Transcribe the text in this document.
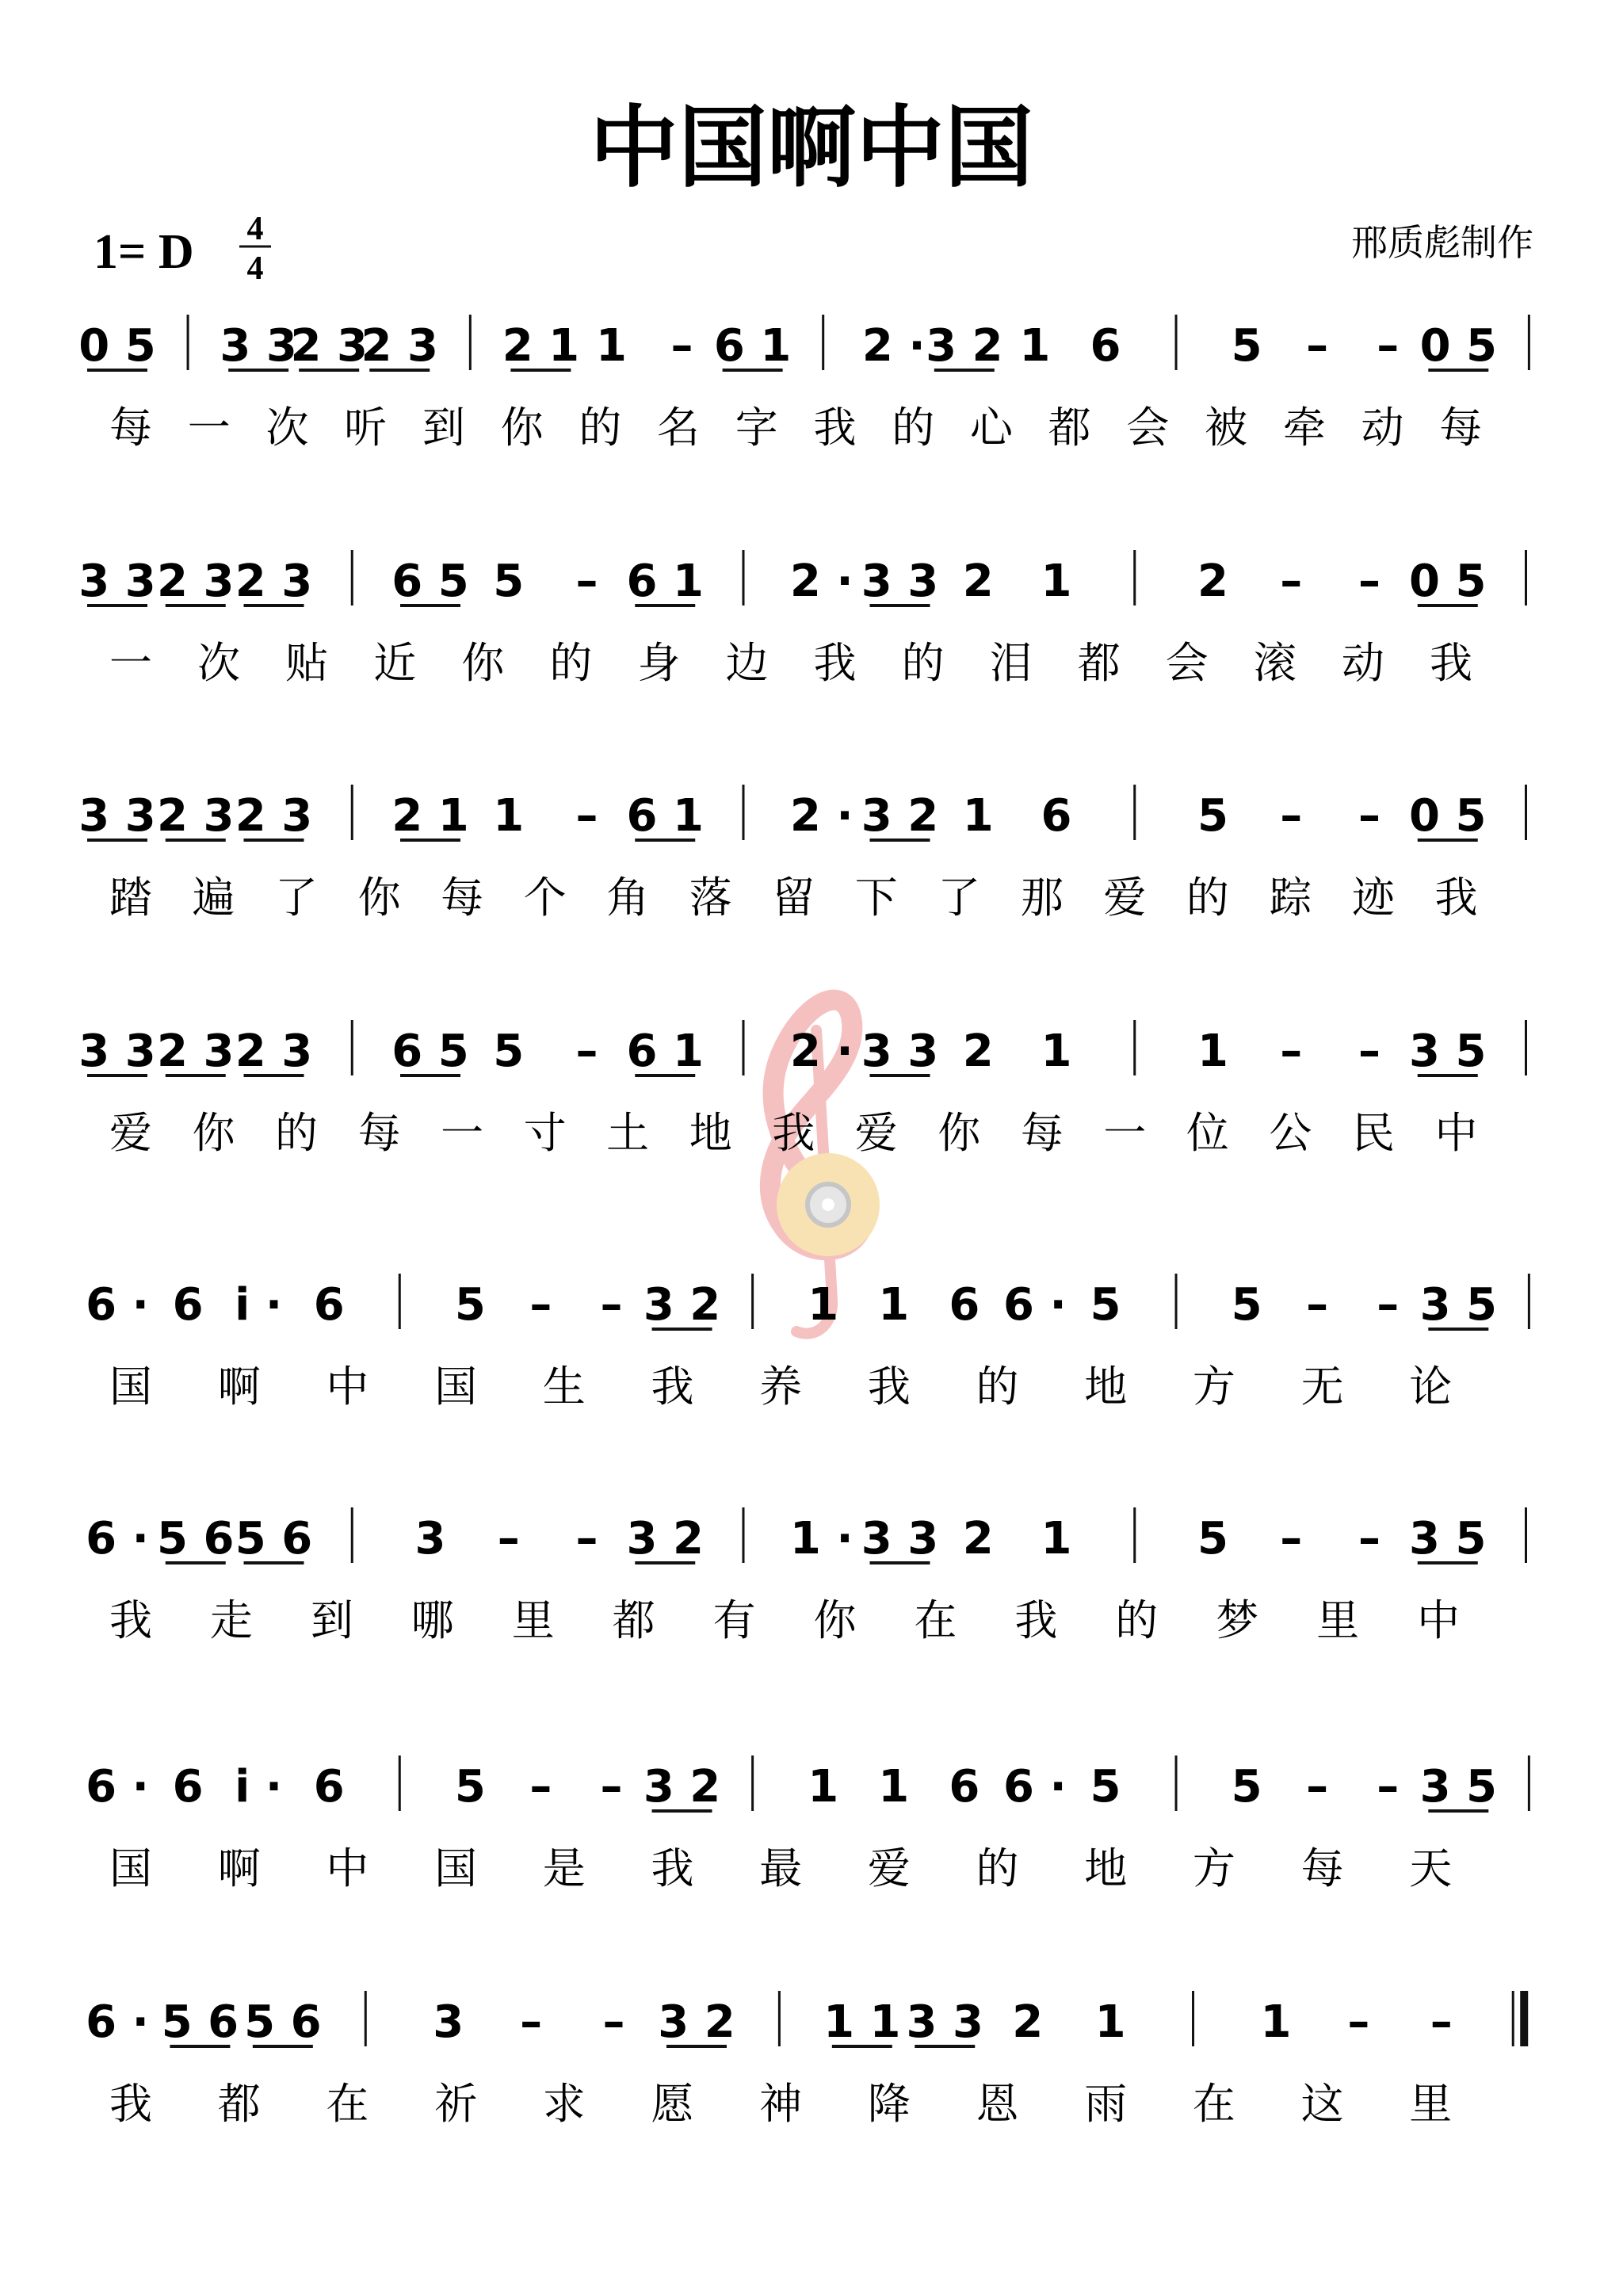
中国啊中国
1= D 4
4
邢质彪制作
0 5 3 3
2 3
2 3 2 1 1 – 6 1 2 · 3 2 1 6 5 – – 0 5
每 一 次 听 到 你 的 名 字 我 的 心 都 会 被 牵 动 每
3 3 2 3 2 3 6 5 5 – 6 1 2 · 3 3 2 1	2 – – 0 5
一 次 贴 近 你 的 身 边 我 的 泪 都 会 滚 动 我
3 3 2 3 2 3 2 1 1 – 6 1 2 · 3 2 1 6	5 – – 0 5
踏 遍 了 你 每 个 角 落 留 下 了 那 爱 的 踪 迹 我
3 3 2 3 2 3 6 5 5 – 6 1 2 · 3 3 2 1	1 – – 3 5
爱 你 的 每 一 寸 土 地 我 爱 你 每 一 位 公 民 中
6 · 6 i · 6 5 – – 3 2 1 1 6 6 · 5 5 – – 3 5
国 啊 中 国 生 我 养 我 的 地 方 无 论
6 · 5 6 5 6 3 – – 3 2 1 · 3 3 2 1	5 – – 3 5
我 走 到 哪 里 都 有 你 在 我 的 梦 里 中
6 · 6 i · 6 5 – – 3 2 1 1 6 6 · 5 5 – – 3 5
国 啊 中 国 是 我 最 爱 的 地 方 每 天
6 · 5 6 5 6	3 – – 3 2 1 1 3 3 2 1	1 – –
我 都 在 祈 求 愿 神 降 恩 雨 在 这 里
